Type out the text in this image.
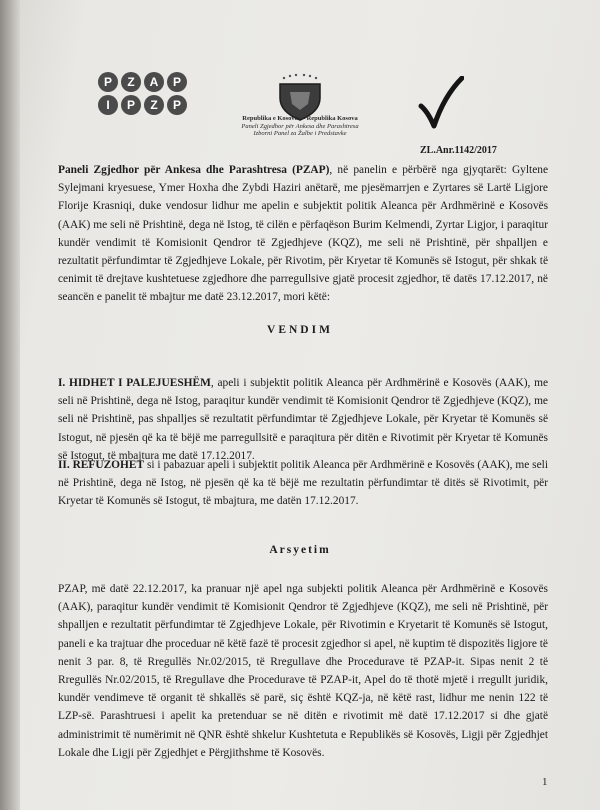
P	Z	A	P
I	P	Z	P
Republika e Kosovës – Republika Kosova
Paneli Zgjedhor për Ankesa dhe Parashtresa
Izborni Panel za Žalbe i Predstavke
ZL.Anr.1142/2017

Paneli Zgjedhor për Ankesa dhe Parashtresa (PZAP), në panelin e përbërë nga gjyqtarët: Gyltene Sylejmani kryesuese, Ymer Hoxha dhe Zybdi Haziri anëtarë, me pjesëmarrjen e Zyrtares së Lartë Ligjore Florije Krasniqi, duke vendosur lidhur me apelin e subjektit politik Aleanca për Ardhmërinë e Kosovës (AAK) me seli në Prishtinë, dega në Istog, të cilën e përfaqëson Burim Kelmendi, Zyrtar Ligjor, i paraqitur kundër vendimit të Komisionit Qendror të Zgjedhjeve (KQZ), me seli në Prishtinë, për shpalljen e rezultatit përfundimtar të Zgjedhjeve Lokale, për Rivotim, për Kryetar të Komunës së Istogut, për shkak të cenimit të drejtave kushtetuese zgjedhore dhe parregullsive gjatë procesit zgjedhor, të datës 17.12.2017, në seancën e panelit të mbajtur me datë 23.12.2017, mori këtë:

VENDIM

I. HIDHET I PALEJUESHËM, apeli i subjektit politik Aleanca për Ardhmërinë e Kosovës (AAK), me seli në Prishtinë, dega në Istog, paraqitur kundër vendimit të Komisionit Qendror të Zgjedhjeve (KQZ), me seli në Prishtinë, pas shpalljes së rezultatit përfundimtar të Zgjedhjeve Lokale, për Kryetar të Komunës së Istogut, në pjesën që ka të bëjë me parregullsitë e paraqitura për ditën e Rivotimit për Kryetar të Komunës së Istogut, të mbajtura me datë 17.12.2017.

II. REFUZOHET si i pabazuar apeli i subjektit politik Aleanca për Ardhmërinë e Kosovës (AAK), me seli në Prishtinë, dega në Istog, në pjesën që ka të bëjë me rezultatin përfundimtar të ditës së Rivotimit, për Kryetar të Komunës së Istogut, të mbajtura, me datën 17.12.2017.

Arsyetim

PZAP, më datë 22.12.2017, ka pranuar një apel nga subjekti politik Aleanca për Ardhmërinë e Kosovës (AAK), paraqitur kundër vendimit të Komisionit Qendror të Zgjedhjeve (KQZ), me seli në Prishtinë, për shpalljen e rezultatit përfundimtar të Zgjedhjeve Lokale, për Rivotimin e Kryetarit të Komunës së Istogut, paneli e ka trajtuar dhe proceduar në këtë fazë të procesit zgjedhor si apel, në kuptim të dispozitës ligjore të nenit 3 par. 8, të Rregullës Nr.02/2015, të Rregullave dhe Procedurave të PZAP-it. Sipas nenit 2 të Rregullës Nr.02/2015, të Rregullave dhe Procedurave të PZAP-it, Apel do të thotë mjetë i rregullt juridik, kundër vendimeve të organit të shkallës së parë, siç është KQZ-ja, në këtë rast, lidhur me nenin 122 të LZP-së. Parashtruesi i apelit ka pretenduar se në ditën e rivotimit më datë 17.12.2017 si dhe gjatë administrimit të numërimit në QNR është shkelur Kushtetuta e Republikës së Kosovës, Ligji për Zgjedhjet Lokale dhe Ligji për Zgjedhjet e Përgjithshme të Kosovës.

1
